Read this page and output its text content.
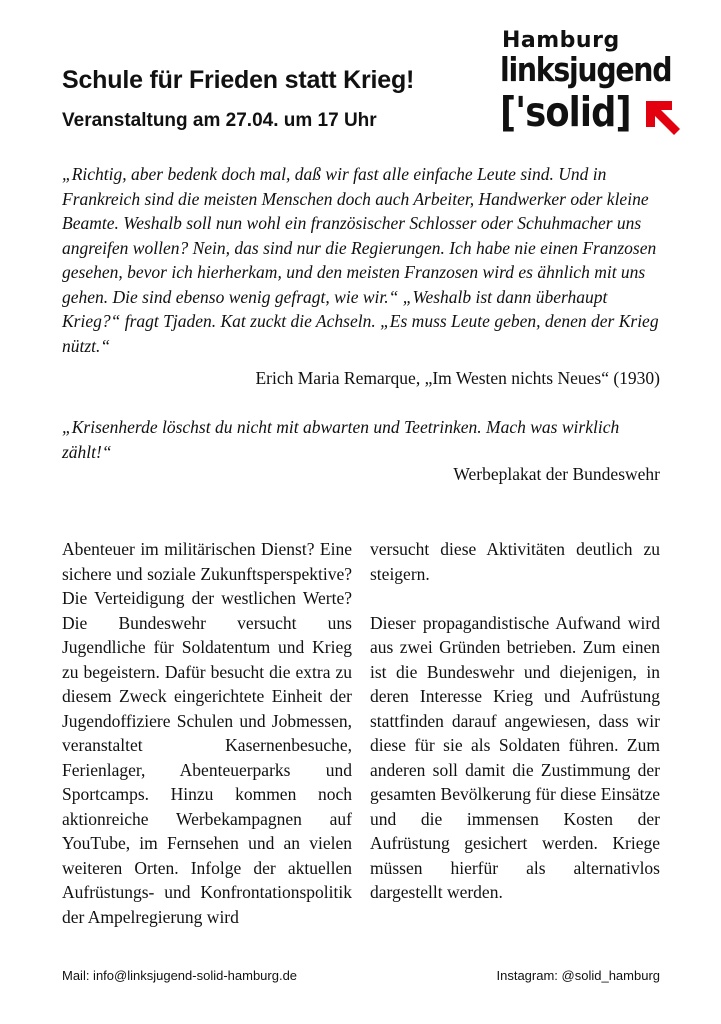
Schule für Frieden statt Krieg!
Veranstaltung am 27.04. um 17 Uhr
Hamburg
linksjugend
['solid]
„Richtig, aber bedenk doch mal, daß wir fast alle einfache Leute sind. Und in Frankreich sind die meisten Menschen doch auch Arbeiter, Handwerker oder kleine Beamte. Weshalb soll nun wohl ein französischer Schlosser oder Schuhmacher uns angreifen wollen? Nein, das sind nur die Regierungen. Ich habe nie einen Franzosen gesehen, bevor ich hierherkam, und den meisten Franzosen wird es ähnlich mit uns gehen. Die sind ebenso wenig gefragt, wie wir.“ „Weshalb ist dann überhaupt Krieg?“ fragt Tjaden. Kat zuckt die Achseln. „Es muss Leute geben, denen der Krieg nützt.“
Erich Maria Remarque, „Im Westen nichts Neues“ (1930)
„Krisenherde löschst du nicht mit abwarten und Teetrinken. Mach was wirklich zählt!“
Werbeplakat der Bundeswehr

Abenteuer im militärischen Dienst? Eine sichere und soziale Zukunftsperspektive? Die Verteidigung der westlichen Werte? Die Bundeswehr versucht uns Jugendliche für Soldatentum und Krieg zu begeistern. Dafür besucht die extra zu diesem Zweck eingerichtete Einheit der Jugendoffiziere Schulen und Jobmessen, veranstaltet Kasernenbesuche, Ferienlager, Abenteuerparks und Sportcamps. Hinzu kommen noch aktionreiche Werbekampagnen auf YouTube, im Fernsehen und an vielen weiteren Orten. Infolge der aktuellen Aufrüstungs- und Konfrontationspolitik der Ampelregierung wird

versucht diese Aktivitäten deutlich zu steigern.

Dieser propagandistische Aufwand wird aus zwei Gründen betrieben. Zum einen ist die Bundeswehr und diejenigen, in deren Interesse Krieg und Aufrüstung stattfinden darauf angewiesen, dass wir diese für sie als Soldaten führen. Zum anderen soll damit die Zustimmung der gesamten Bevölkerung für diese Einsätze und die immensen Kosten der Aufrüstung gesichert werden. Kriege müssen hierfür als alternativlos dargestellt werden.

Mail: info@linksjugend-solid-hamburg.de	Instagram: @solid_hamburg
